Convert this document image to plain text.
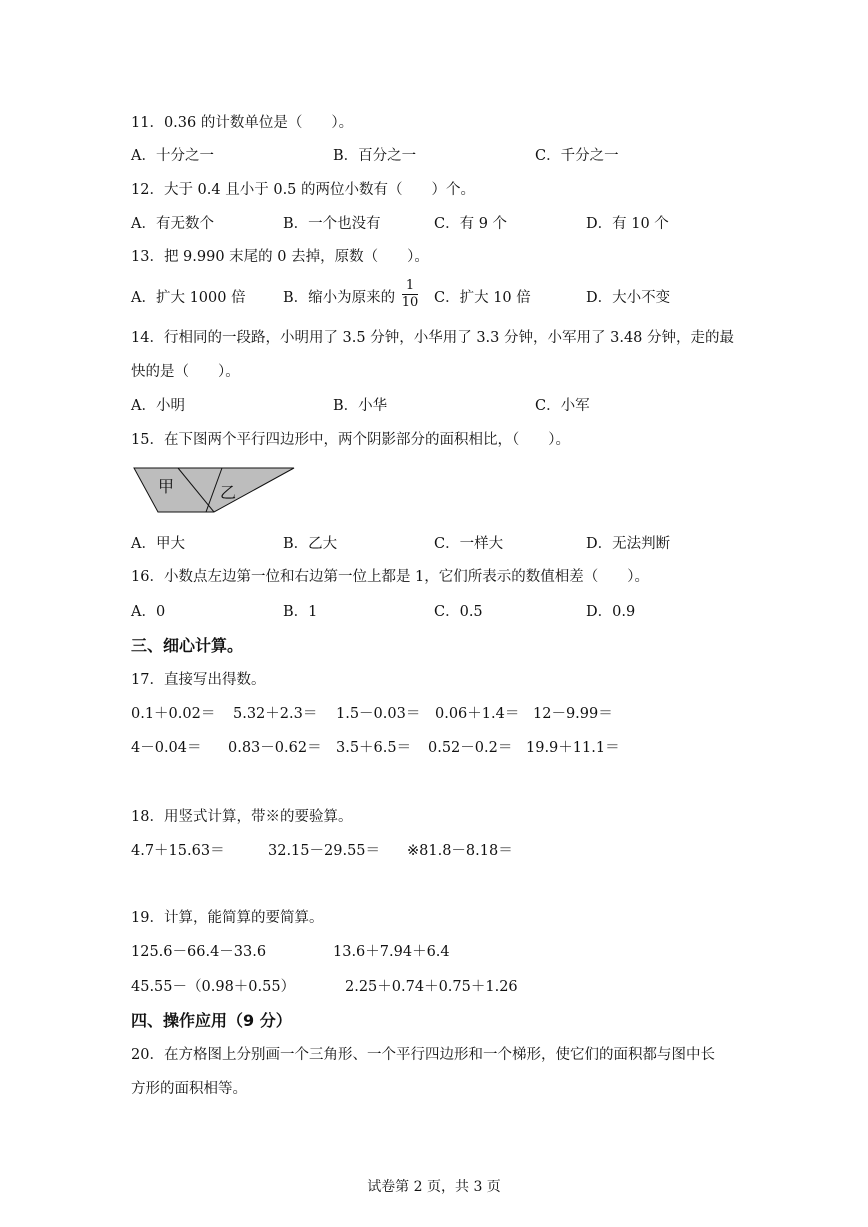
11．0.36 的计数单位是（　　）。
A．十分之一	B．百分之一	C．千分之一
12．大于 0.4 且小于 0.5 的两位小数有（　　）个。
A．有无数个	B．一个也没有	C．有 9 个	D．有 10 个
13．把 9.990 末尾的 0 去掉，原数（　　）。
A．扩大 1000 倍	B．缩小为原来的
1
10 C．扩大 10 倍	D．大小不变
14．行相同的一段路，小明用了 3.5 分钟，小华用了 3.3 分钟，小军用了 3.48 分钟，走的最
快的是（　　）。
A．小明	B．小华	C．小军
15．在下图两个平行四边形中，两个阴影部分的面积相比，（　　）。
甲	乙
A．甲大	B．乙大	C．一样大	D．无法判断
16．小数点左边第一位和右边第一位上都是 1，它们所表示的数值相差（　　）。
A．0	B．1	C．0.5	D．0.9
三、细心计算。
17．直接写出得数。
0.1＋0.02＝ 5.32＋2.3＝ 1.5－0.03＝ 0.06＋1.4＝ 12－9.99＝
4－0.04＝ 0.83－0.62＝ 3.5＋6.5＝ 0.52－0.2＝ 19.9＋11.1＝
18．用竖式计算，带※的要验算。
4.7＋15.63＝	32.15－29.55＝ ※81.8－8.18＝
19．计算，能简算的要简算。
125.6－66.4－33.6	13.6＋7.94＋6.4
45.55－（0.98＋0.55）	2.25＋0.74＋0.75＋1.26
四、操作应用（9 分）
20．在方格图上分别画一个三角形、一个平行四边形和一个梯形，使它们的面积都与图中长
方形的面积相等。
试卷第 2 页，共 3 页
